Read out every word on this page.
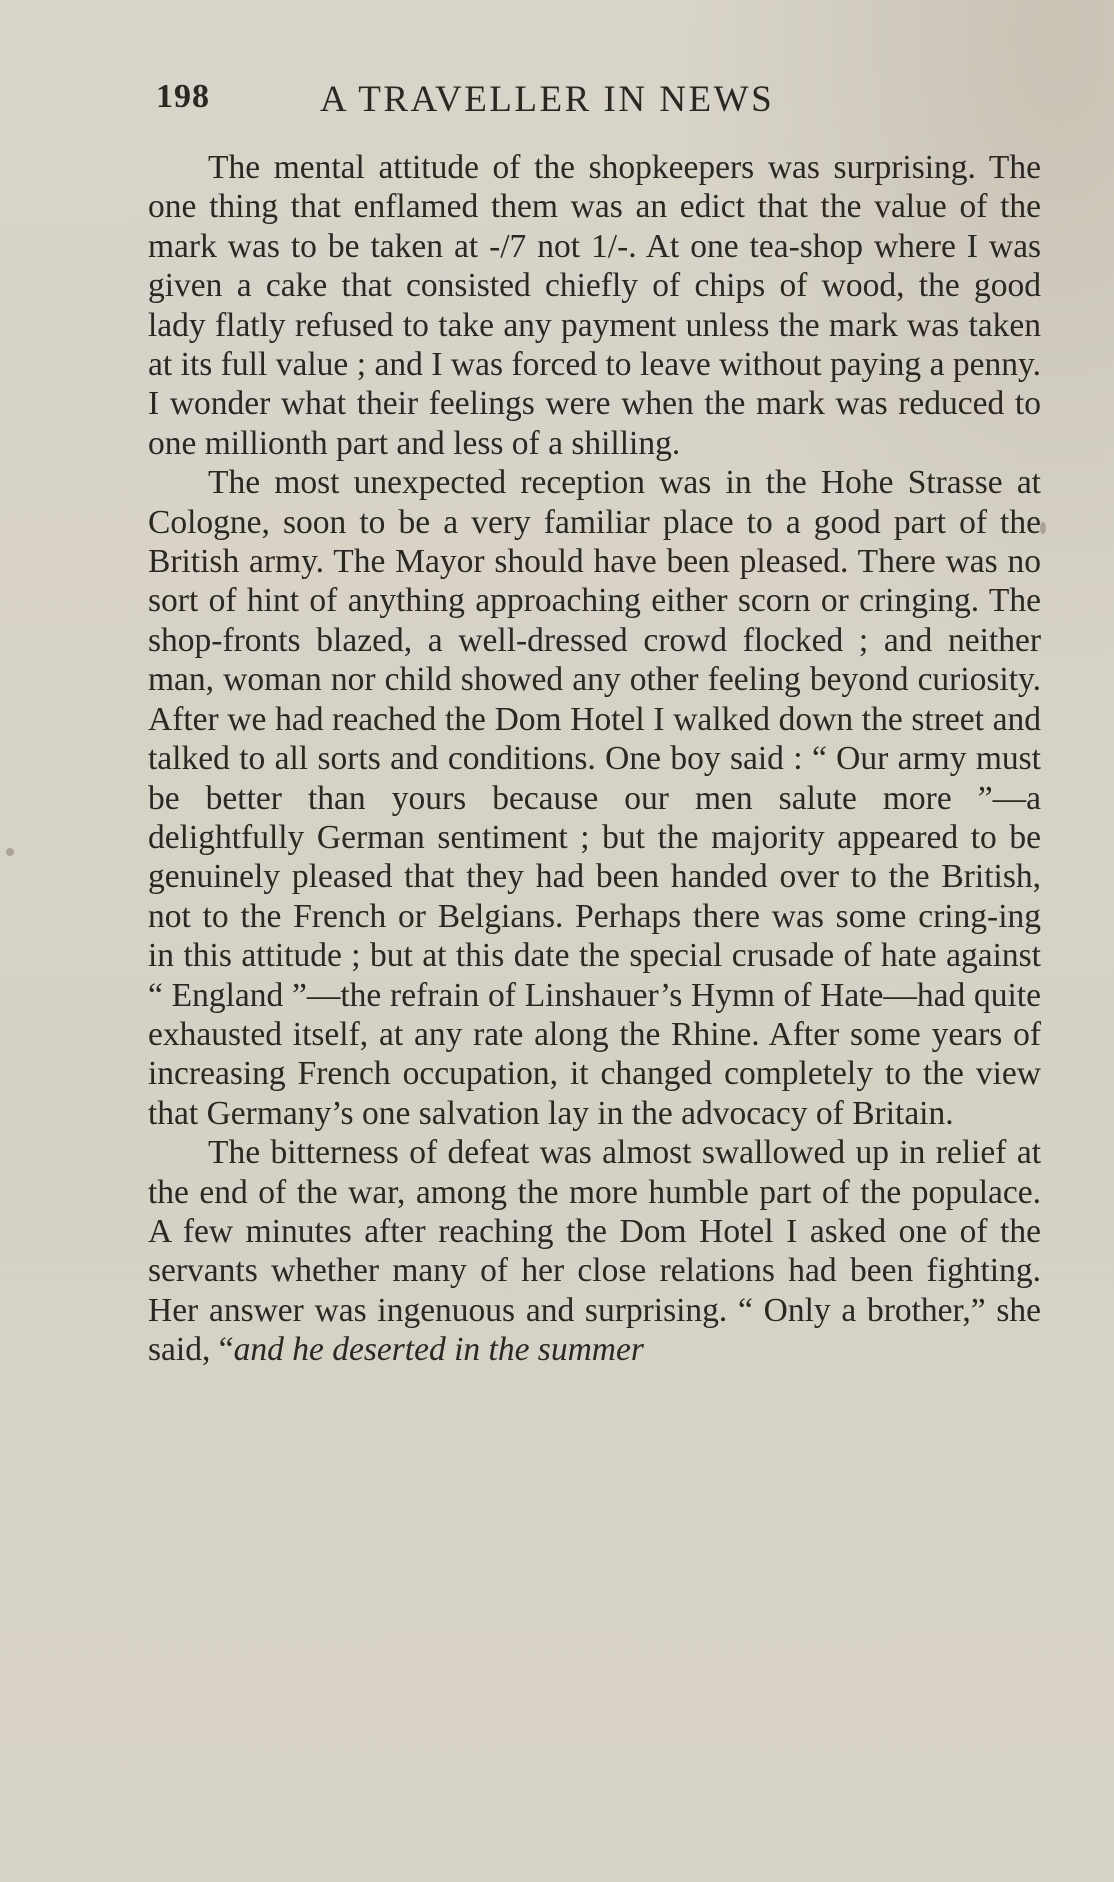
198	A TRAVELLER IN NEWS

The mental attitude of the shopkeepers was surprising. The one thing that enflamed them was an edict that the value of the mark was to be taken at -/7 not 1/-. At one tea-shop where I was given a cake that consisted chiefly of chips of wood, the good lady flatly refused to take any payment unless the mark was taken at its full value ; and I was forced to leave without paying a penny. I wonder what their feelings were when the mark was reduced to one millionth part and less of a shilling.

The most unexpected reception was in the Hohe Strasse at Cologne, soon to be a very familiar place to a good part of the British army. The Mayor should have been pleased. There was no sort of hint of anything approaching either scorn or cringing. The shop-fronts blazed, a well-dressed crowd flocked ; and neither man, woman nor child showed any other feeling beyond curiosity. After we had reached the Dom Hotel I walked down the street and talked to all sorts and conditions. One boy said : “ Our army must be better than yours because our men salute more ”—a delightfully German sentiment ; but the majority appeared to be genuinely pleased that they had been handed over to the British, not to the French or Belgians. Perhaps there was some cring-ing in this attitude ; but at this date the special crusade of hate against “ England ”—the refrain of Linshauer’s Hymn of Hate—had quite exhausted itself, at any rate along the Rhine. After some years of increasing French occupation, it changed completely to the view that Germany’s one salvation lay in the advocacy of Britain.

The bitterness of defeat was almost swallowed up in relief at the end of the war, among the more humble part of the populace. A few minutes after reaching the Dom Hotel I asked one of the servants whether many of her close relations had been fighting. Her answer was ingenuous and surprising. “ Only a brother,” she said, “and he deserted in the summer
